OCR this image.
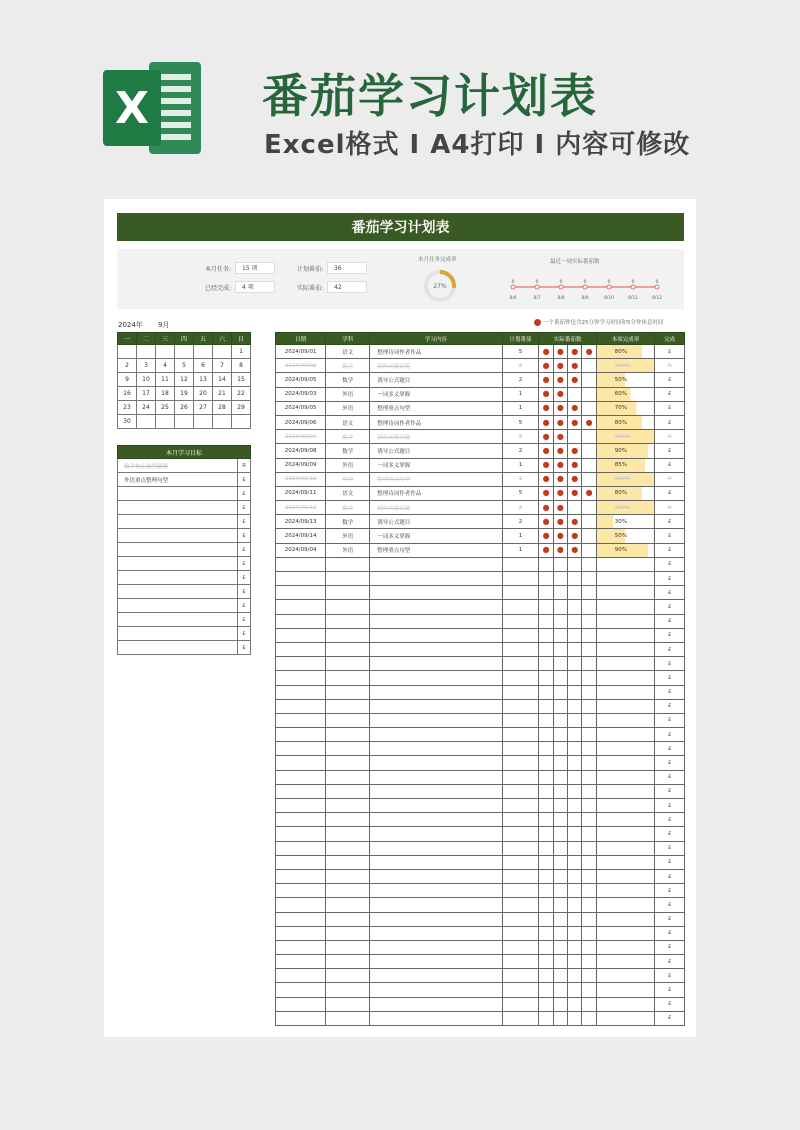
X 番茄学习计划表
Excel格式 I A4打印 I 内容可修改
番茄学习计划表
本月任务:	15 项
已经完成:	4 项
计划番茄:	36
实际番茄:	42
本月任务完成率
27%
最近一周实际番茄数
0
8/6
0
8/7
0
8/8
0
8/9
0
8/10
0
8/11
0
8/12
2024年 9月	一个番茄钟包含25分钟学习时间和5分钟休息时间
一	二	三	四	五	六	日
						1
2	3	4	5	6	7	8
9	10	11	12	13	14	15
16	17	18	19	20	21	22
23	24	25	26	27	28	29
30						
本月学习目标	
数学核心题型刷题	R
外语重点整理句型	£
	£
	£
	£
	£
	£
	£
	£
	£
	£
	£
	£
	£
日期	学科	学习内容	计划番茄	实际番茄数				本项完成率	完成
2024/09/01	语文	整理诗词作者作品	5	●	●	●	●	80%	£
2024/09/02	数学	倒角函数试题	3	●	●	●		100%	R
2024/09/05	数学	诱导公式题目	2	●	●	●		50%	£
2024/09/03	外语	一词多义掌握	1	●	●			60%	£
2024/09/05	外语	整理重点句型	1	●	●	●		70%	£
2024/09/06	语文	整理诗词作者作品	5	●	●	●	●	80%	£
2024/09/07	数学	倒角函数试题	3	●	●			100%	R
2024/09/08	数学	诱导公式题目	2	●	●	●		90%	£
2024/09/09	外语	一词多义掌握	1	●	●	●		85%	£
2024/09/10	外语	整理重点句型	1	●	●	●		100%	R
2024/09/11	语文	整理诗词作者作品	5	●	●	●	●	80%	£
2024/09/12	数学	倒角函数试题	3	●	●			100%	R
2024/09/13	数学	诱导公式题目	2	●	●	●		30%	£
2024/09/14	外语	一词多义掌握	1	●	●	●		50%	£
2024/09/04	外语	整理重点句型	1	●	●	●		90%	£
									£
									£
									£
									£
									£
									£
									£
									£
									£
									£
									£
									£
									£
									£
									£
									£
									£
									£
									£
									£
									£
									£
									£
									£
									£
									£
									£
									£
									£
									£
									£
									£
									£
